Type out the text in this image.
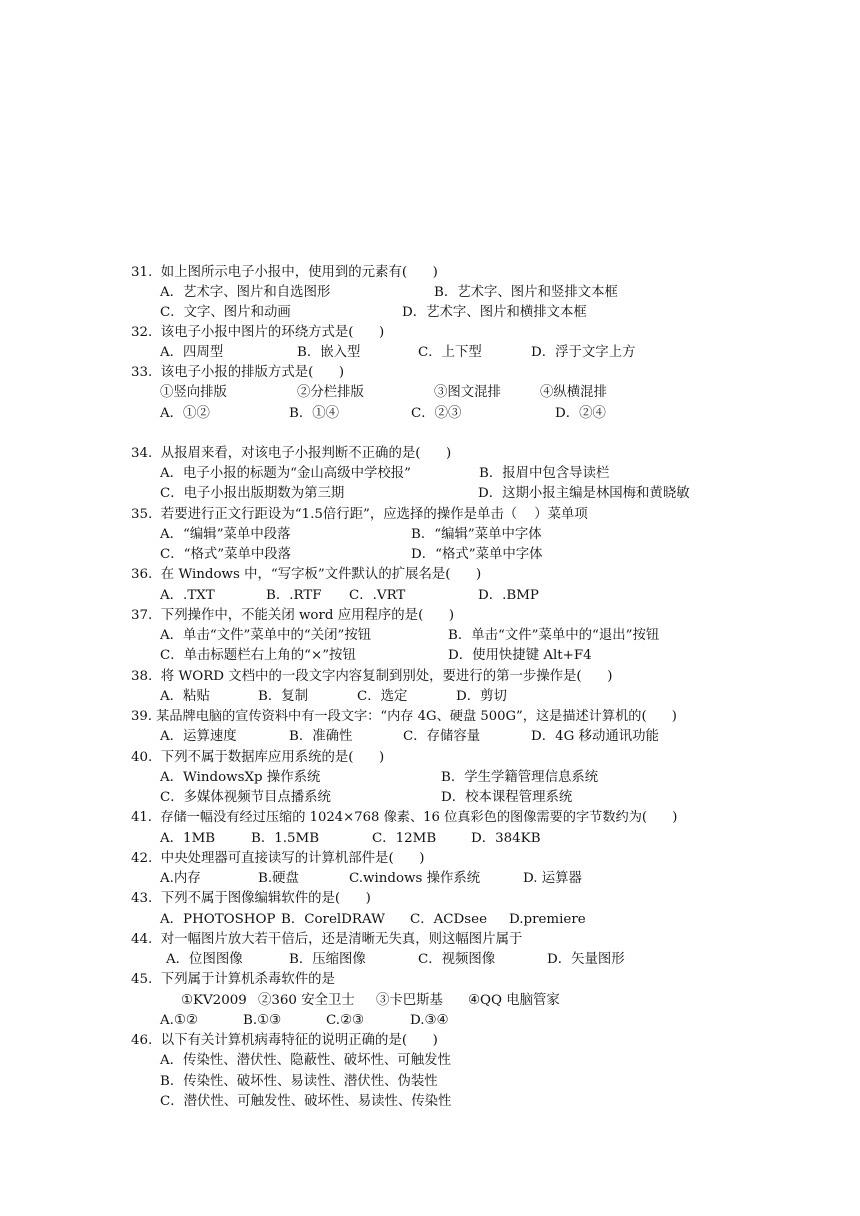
31.  如上图所示电子小报中，使用到的元素有(      )
A．艺术字、图片和自选图形	B．艺术字、图片和竖排文本框
C．文字、图片和动画	D．艺术字、图片和横排文本框
32.  该电子小报中图片的环绕方式是(      )
A．四周型	B．嵌入型	C．上下型	D．浮于文字上方
33.  该电子小报的排版方式是(      )
①竖向排版	②分栏排版	③图文混排	④纵横混排
A．①②	B．①④	C．②③	D．②④
34.  从报眉来看，对该电子小报判断不正确的是(      )
A．电子小报的标题为“金山高级中学校报”	B．报眉中包含导读栏
C．电子小报出版期数为第三期	D．这期小报主编是林国梅和黄晓敏
35.  若要进行正文行距设为“1.5倍行距”，应选择的操作是单击（    ）菜单项
A．“编辑”菜单中段落	B．“编辑”菜单中字体
C．“格式”菜单中段落	D．“格式”菜单中字体
36.  在 Windows 中，“写字板”文件默认的扩展名是(      )
A．.TXT	B．.RTF C．.VRT	D．.BMP
37.  下列操作中，不能关闭 word 应用程序的是(      )
A．单击“文件”菜单中的“关闭”按钮	B．单击“文件”菜单中的“退出”按钮
C．单击标题栏右上角的“×”按钮	D．使用快捷键 Alt+F4
38.  将 WORD 文档中的一段文字内容复制到别处，要进行的第一步操作是(      )
A．粘贴	B．复制	C．选定	D．剪切
39. 某品牌电脑的宣传资料中有一段文字：“内存 4G、硬盘 500G”，这是描述计算机的(      )
A．运算速度	B．准确性	C．存储容量	D．4G 移动通讯功能
40.  下列不属于数据库应用系统的是(      )
A．WindowsXp 操作系统	B．学生学籍管理信息系统
C．多媒体视频节目点播系统	D．校本课程管理系统
41.  存储一幅没有经过压缩的 1024×768 像素、16 位真彩色的图像需要的字节数约为(      )
A．1MB	B．1.5MB	C．12MB	D．384KB
42.  中央处理器可直接读写的计算机部件是(      )
A.内存	B.硬盘	C.windows 操作系统	D. 运算器
43.  下列不属于图像编辑软件的是(      )
A．PHOTOSHOP B．CorelDRAW C．ACDsee D.premiere
44.  对一幅图片放大若干倍后，还是清晰无失真，则这幅图片属于
A．位图图像	B．压缩图像	C．视频图像	D．矢量图形
45.  下列属于计算机杀毒软件的是
①KV2009 ②360 安全卫士 ③卡巴斯基 ④QQ 电脑管家
A.①②	B.①③	C.②③	D.③④
46.  以下有关计算机病毒特征的说明正确的是(      )
A．传染性、潜伏性、隐蔽性、破坏性、可触发性
B．传染性、破坏性、易读性、潜伏性、伪装性
C．潜伏性、可触发性、破坏性、易读性、传染性
